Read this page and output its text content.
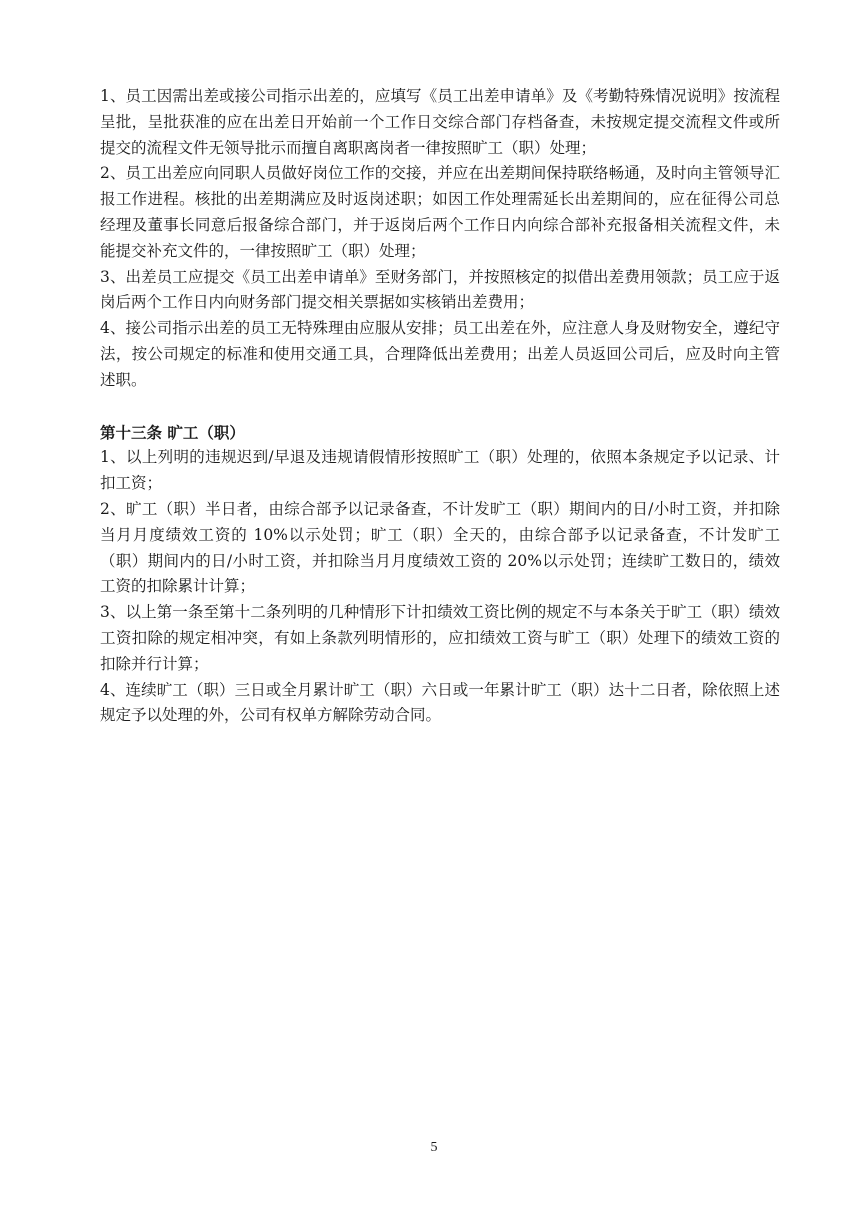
1、员工因需出差或接公司指示出差的，应填写《员工出差申请单》及《考勤特殊情况说明》按流程呈批，呈批获准的应在出差日开始前一个工作日交综合部门存档备查，未按规定提交流程文件或所提交的流程文件无领导批示而擅自离职离岗者一律按照旷工（职）处理；

2、员工出差应向同职人员做好岗位工作的交接，并应在出差期间保持联络畅通，及时向主管领导汇报工作进程。核批的出差期满应及时返岗述职；如因工作处理需延长出差期间的，应在征得公司总经理及董事长同意后报备综合部门，并于返岗后两个工作日内向综合部补充报备相关流程文件，未能提交补充文件的，一律按照旷工（职）处理；

3、出差员工应提交《员工出差申请单》至财务部门，并按照核定的拟借出差费用领款；员工应于返岗后两个工作日内向财务部门提交相关票据如实核销出差费用；

4、接公司指示出差的员工无特殊理由应服从安排；员工出差在外，应注意人身及财物安全，遵纪守法，按公司规定的标准和使用交通工具，合理降低出差费用；出差人员返回公司后，应及时向主管述职。

第十三条 旷工（职）

1、以上列明的违规迟到/早退及违规请假情形按照旷工（职）处理的，依照本条规定予以记录、计扣工资；

2、旷工（职）半日者，由综合部予以记录备查，不计发旷工（职）期间内的日/小时工资，并扣除当月月度绩效工资的 10%以示处罚；旷工（职）全天的，由综合部予以记录备查，不计发旷工（职）期间内的日/小时工资，并扣除当月月度绩效工资的 20%以示处罚；连续旷工数日的，绩效工资的扣除累计计算；

3、以上第一条至第十二条列明的几种情形下计扣绩效工资比例的规定不与本条关于旷工（职）绩效工资扣除的规定相冲突，有如上条款列明情形的，应扣绩效工资与旷工（职）处理下的绩效工资的扣除并行计算；

4、连续旷工（职）三日或全月累计旷工（职）六日或一年累计旷工（职）达十二日者，除依照上述规定予以处理的外，公司有权单方解除劳动合同。

5
